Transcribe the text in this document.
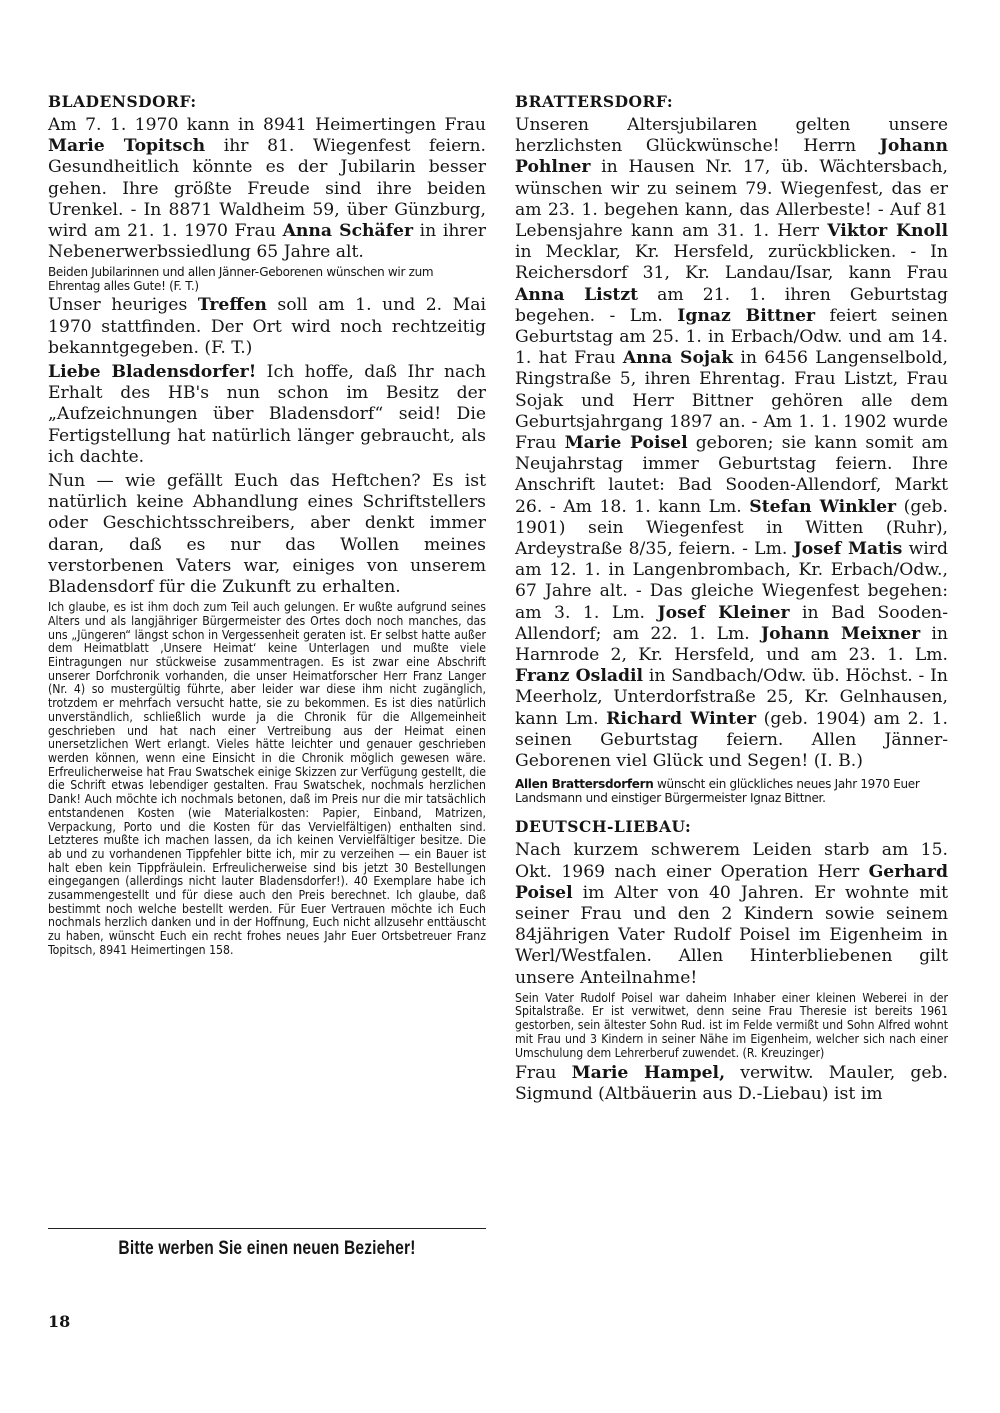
BLADENSDORF:

Am 7. 1. 1970 kann in 8941 Heimertingen Frau Marie Topitsch ihr 81. Wiegenfest feiern. Gesundheitlich könnte es der Jubilarin besser gehen. Ihre größte Freude sind ihre beiden Urenkel. - In 8871 Waldheim 59, über Günzburg, wird am 21. 1. 1970 Frau Anna Schäfer in ihrer Nebenerwerbssiedlung 65 Jahre alt.

Beiden Jubilarinnen und allen Jänner-Geborenen wünschen wir zum Ehrentag alles Gute! (F. T.)

Unser heuriges Treffen soll am 1. und 2. Mai 1970 stattfinden. Der Ort wird noch rechtzeitig bekanntgegeben. (F. T.)

Liebe Bladensdorfer! Ich hoffe, daß Ihr nach Erhalt des HB's nun schon im Besitz der „Aufzeichnungen über Bladensdorf“ seid! Die Fertigstellung hat natürlich länger gebraucht, als ich dachte.

Nun — wie gefällt Euch das Heftchen? Es ist natürlich keine Abhandlung eines Schriftstellers oder Geschichtsschreibers, aber denkt immer daran, daß es nur das Wollen meines verstorbenen Vaters war, einiges von unserem Bladensdorf für die Zukunft zu erhalten.

Ich glaube, es ist ihm doch zum Teil auch gelungen. Er wußte aufgrund seines Alters und als langjähriger Bürgermeister des Ortes doch noch manches, das uns „Jüngeren“ längst schon in Vergessenheit geraten ist. Er selbst hatte außer dem Heimatblatt ‚Unsere Heimat‘ keine Unterlagen und mußte viele Eintragungen nur stückweise zusammentragen. Es ist zwar eine Abschrift unserer Dorfchronik vorhanden, die unser Heimatforscher Herr Franz Langer (Nr. 4) so mustergültig führte, aber leider war diese ihm nicht zugänglich, trotzdem er mehrfach versucht hatte, sie zu bekommen. Es ist dies natürlich unverständlich, schließlich wurde ja die Chronik für die Allgemeinheit geschrieben und hat nach einer Vertreibung aus der Heimat einen unersetzlichen Wert erlangt. Vieles hätte leichter und genauer geschrieben werden können, wenn eine Einsicht in die Chronik möglich gewesen wäre. Erfreulicherweise hat Frau Swatschek einige Skizzen zur Verfügung gestellt, die die Schrift etwas lebendiger gestalten. Frau Swatschek, nochmals herzlichen Dank! Auch möchte ich nochmals betonen, daß im Preis nur die mir tatsächlich entstandenen Kosten (wie Materialkosten: Papier, Einband, Matrizen, Verpackung, Porto und die Kosten für das Vervielfältigen) enthalten sind. Letzteres mußte ich machen lassen, da ich keinen Vervielfältiger besitze. Die ab und zu vorhandenen Tippfehler bitte ich, mir zu verzeihen — ein Bauer ist halt eben kein Tippfräulein. Erfreulicherweise sind bis jetzt 30 Bestellungen eingegangen (allerdings nicht lauter Bladensdorfer!). 40 Exemplare habe ich zusammengestellt und für diese auch den Preis berechnet. Ich glaube, daß bestimmt noch welche bestellt werden. Für Euer Vertrauen möchte ich Euch nochmals herzlich danken und in der Hoffnung, Euch nicht allzusehr enttäuscht zu haben, wünscht Euch ein recht frohes neues Jahr Euer Ortsbetreuer Franz Topitsch, 8941 Heimertingen 158.

Bitte werben Sie einen neuen Bezieher!
18
BRATTERSDORF:

Unseren Altersjubilaren gelten unsere herzlichsten Glückwünsche! Herrn Johann Pohlner in Hausen Nr. 17, üb. Wächtersbach, wünschen wir zu seinem 79. Wiegenfest, das er am 23. 1. begehen kann, das Allerbeste! - Auf 81 Lebensjahre kann am 31. 1. Herr Viktor Knoll in Mecklar, Kr. Hersfeld, zurückblicken. - In Reichersdorf 31, Kr. Landau/Isar, kann Frau Anna Listzt am 21. 1. ihren Geburtstag begehen. - Lm. Ignaz Bittner feiert seinen Geburtstag am 25. 1. in Erbach/Odw. und am 14. 1. hat Frau Anna Sojak in 6456 Langenselbold, Ringstraße 5, ihren Ehrentag. Frau Listzt, Frau Sojak und Herr Bittner gehören alle dem Geburtsjahrgang 1897 an. - Am 1. 1. 1902 wurde Frau Marie Poisel geboren; sie kann somit am Neujahrstag immer Geburtstag feiern. Ihre Anschrift lautet: Bad Sooden-Allendorf, Markt 26. - Am 18. 1. kann Lm. Stefan Winkler (geb. 1901) sein Wiegenfest in Witten (Ruhr), Ardeystraße 8/35, feiern. - Lm. Josef Matis wird am 12. 1. in Langenbrombach, Kr. Erbach/Odw., 67 Jahre alt. - Das gleiche Wiegenfest begehen: am 3. 1. Lm. Josef Kleiner in Bad Sooden-Allendorf; am 22. 1. Lm. Johann Meixner in Harnrode 2, Kr. Hersfeld, und am 23. 1. Lm. Franz Osladil in Sandbach/Odw. üb. Höchst. - In Meerholz, Unterdorfstraße 25, Kr. Gelnhausen, kann Lm. Richard Winter (geb. 1904) am 2. 1. seinen Geburtstag feiern. Allen Jänner-Geborenen viel Glück und Segen! (I. B.)

Allen Brattersdorfern wünscht ein glückliches neues Jahr 1970 Euer Landsmann und einstiger Bürgermeister Ignaz Bittner.

DEUTSCH-LIEBAU:

Nach kurzem schwerem Leiden starb am 15. Okt. 1969 nach einer Operation Herr Gerhard Poisel im Alter von 40 Jahren. Er wohnte mit seiner Frau und den 2 Kindern sowie seinem 84jährigen Vater Rudolf Poisel im Eigenheim in Werl/Westfalen. Allen Hinterbliebenen gilt unsere Anteilnahme!

Sein Vater Rudolf Poisel war daheim Inhaber einer kleinen Weberei in der Spitalstraße. Er ist verwitwet, denn seine Frau Theresie ist bereits 1961 gestorben, sein ältester Sohn Rud. ist im Felde vermißt und Sohn Alfred wohnt mit Frau und 3 Kindern in seiner Nähe im Eigenheim, welcher sich nach einer Umschulung dem Lehrerberuf zuwendet. (R. Kreuzinger)

Frau Marie Hampel, verwitw. Mauler, geb. Sigmund (Altbäuerin aus D.-Liebau) ist im
